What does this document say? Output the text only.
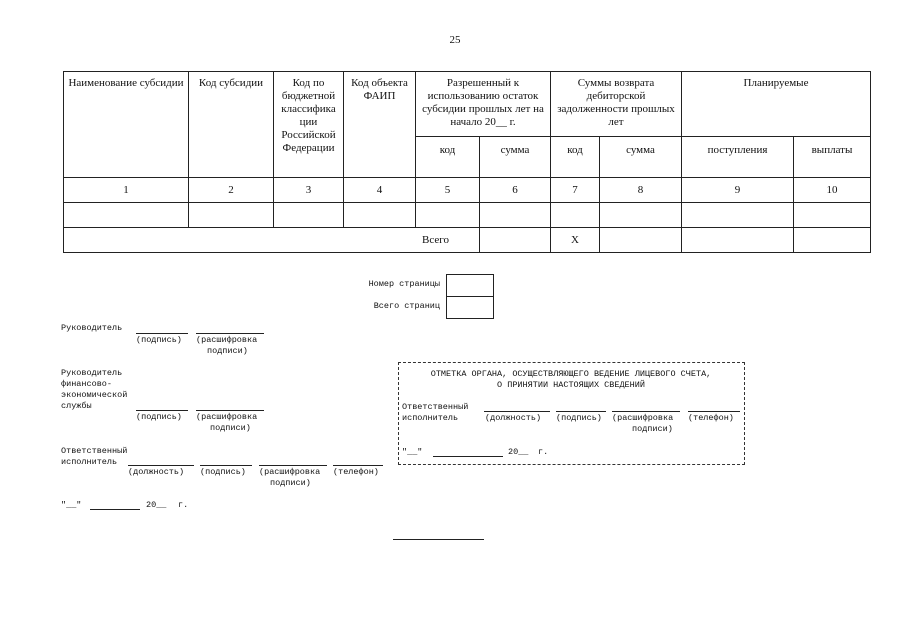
25
Наименование субсидии	Код субсидии	Код по бюджетной классифика ции Российской Федерации	Код объекта ФАИП	Разрешенный к использованию остаток субсидии прошлых лет на начало 20__ г.		Суммы возврата дебиторской задолженности прошлых лет		Планируемые	
				код	сумма	код	сумма	поступления	выплаты
1	2	3	4	5	6	7	8	9	10

Всего						X			
Номер страницы
Всего страниц
Руководитель
(подпись) (расшифровка
подписи)
Руководитель
финансово-
экономической
службы
(подпись) (расшифровка
подписи)
Ответственный
исполнитель
(должность) (подпись) (расшифровка (телефон)
подписи)
"__"	20__ г.
ОТМЕТКА ОРГАНА, ОСУЩЕСТВЛЯЮЩЕГО ВЕДЕНИЕ ЛИЦЕВОГО СЧЕТА,
О ПРИНЯТИИ НАСТОЯЩИХ СВЕДЕНИЙ
Ответственный
исполнитель	(должность) (подпись) (расшифровка (телефон)
подписи)
"__"	20__ г.
